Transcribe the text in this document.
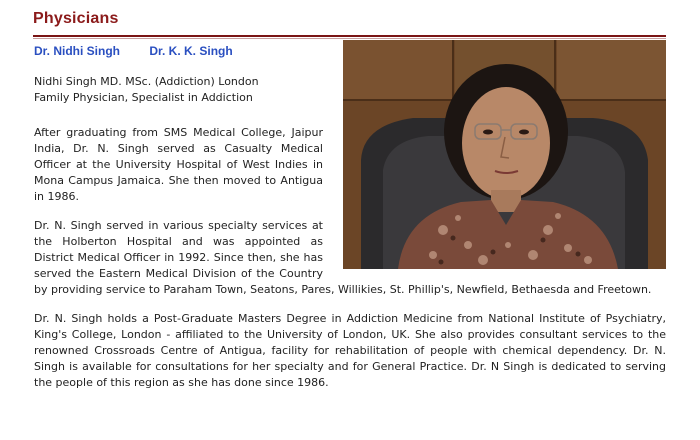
Physicians
Dr. Nidhi Singh Dr. K. K. Singh
Nidhi Singh MD. MSc. (Addiction) London
Family Physician, Specialist in Addiction

After graduating from SMS Medical College, Jaipur India, Dr. N. Singh served as Casualty Medical Officer at the University Hospital of West Indies in Mona Campus Jamaica. She then moved to Antigua in 1986.

Dr. N. Singh served in various specialty services at the Holberton Hospital and was appointed as District Medical Officer in 1992. Since then, she has served the Eastern Medical Division of the Country by providing service to Paraham Town, Seatons, Pares, Willikies, St. Phillip's, Newfield, Bethaesda and Freetown.

Dr. N. Singh holds a Post-Graduate Masters Degree in Addiction Medicine from National Institute of Psychiatry, King's College, London - affiliated to the University of London, UK. She also provides consultant services to the renowned Crossroads Centre of Antigua, facility for rehabilitation of people with chemical dependency. Dr. N. Singh is available for consultations for her specialty and for General Practice. Dr. N Singh is dedicated to serving the people of this region as she has done since 1986.
